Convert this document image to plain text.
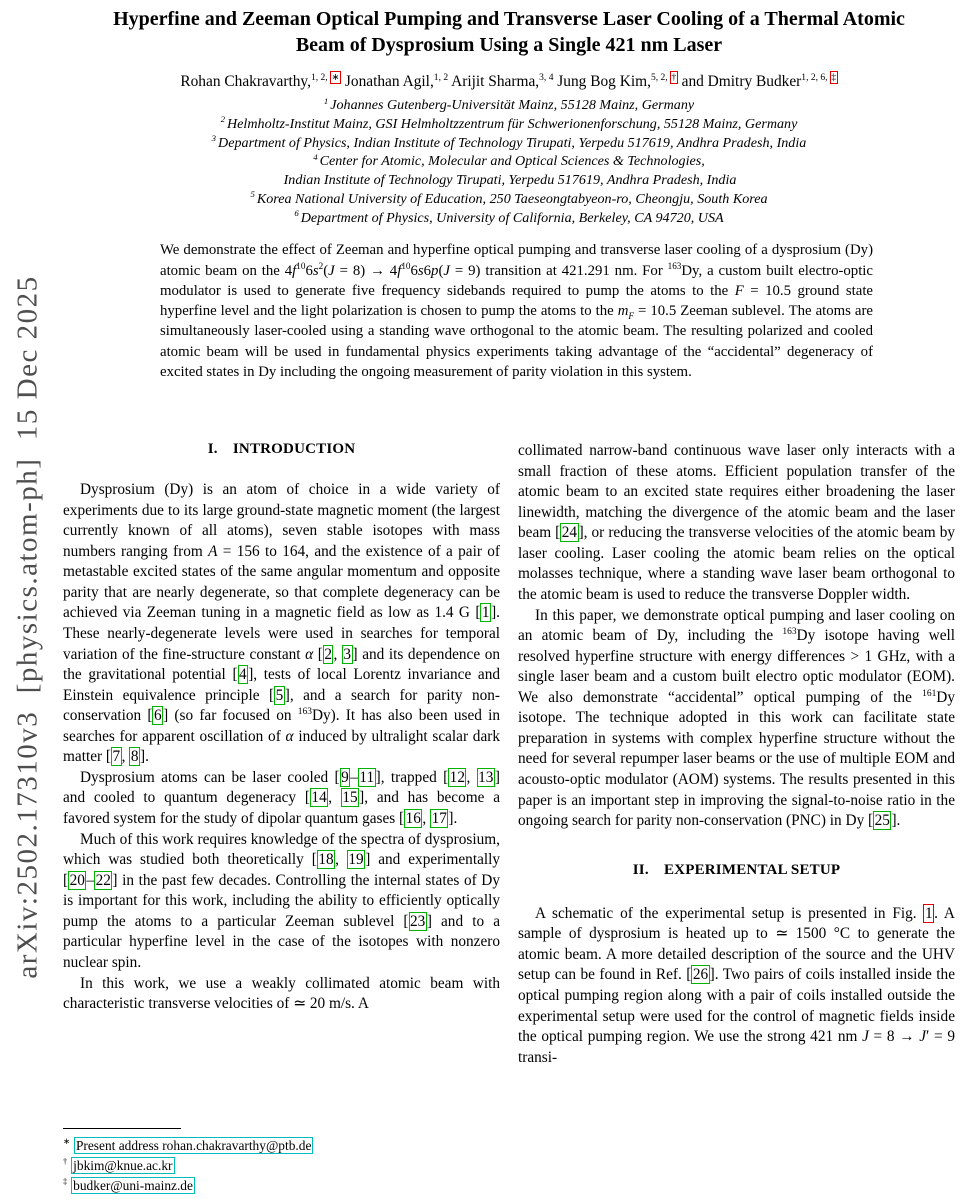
arXiv:2502.17310v3  [physics.atom-ph]  15 Dec 2025
Hyperfine and Zeeman Optical Pumping and Transverse Laser Cooling of a Thermal Atomic Beam of Dysprosium Using a Single 421 nm Laser
Rohan Chakravarthy,$^{1, 2, ∗}$ Jonathan Agil,$^{1, 2}$ Arijit Sharma,$^{3, 4}$ Jung Bog Kim,$^{5, 2, \dagger}$ and Dmitry Budker$^{1, 2, 6, \ddagger}$
$^1$ Johannes Gutenberg-Universität Mainz, 55128 Mainz, Germany
$^2$ Helmholtz-Institut Mainz, GSI Helmholtzzentrum für Schwerionenforschung, 55128 Mainz, Germany
$^3$ Department of Physics, Indian Institute of Technology Tirupati, Yerpedu 517619, Andhra Pradesh, India
$^4$ Center for Atomic, Molecular and Optical Sciences & Technologies,
Indian Institute of Technology Tirupati, Yerpedu 517619, Andhra Pradesh, India
$^5$ Korea National University of Education, 250 Taeseongtabyeon-ro, Cheongju, South Korea
$^6$ Department of Physics, University of California, Berkeley, CA 94720, USA
We demonstrate the effect of Zeeman and hyperfine optical pumping and transverse laser cooling of a dysprosium (Dy) atomic beam on the $4f^{10}6s^2(J = 8) \to 4f^{10}6s6p(J = 9)$ transition at 421.291 nm. For $^{163}$Dy, a custom built electro-optic modulator is used to generate five frequency sidebands required to pump the atoms to the F = 10.5 ground state hyperfine level and the light polarization is chosen to pump the atoms to the $m_F = 10.5$ Zeeman sublevel. The atoms are simultaneously laser-cooled using a standing wave orthogonal to the atomic beam. The resulting polarized and cooled atomic beam will be used in fundamental physics experiments taking advantage of the “accidental” degeneracy of excited states in Dy including the ongoing measurement of parity violation in this system.
I. INTRODUCTION

Dysprosium (Dy) is an atom of choice in a wide variety of experiments due to its large ground-state magnetic moment (the largest currently known of all atoms), seven stable isotopes with mass numbers ranging from A = 156 to 164, and the existence of a pair of metastable excited states of the same angular momentum and opposite parity that are nearly degenerate, so that complete degeneracy can be achieved via Zeeman tuning in a magnetic field as low as 1.4 G [1]. These nearly-degenerate levels were used in searches for temporal variation of the fine-structure constant α [2, 3] and its dependence on the gravitational potential [4], tests of local Lorentz invariance and Einstein equivalence principle [5], and a search for parity non-conservation [6] (so far focused on $^{163}$Dy). It has also been used in searches for apparent oscillation of α induced by ultralight scalar dark matter [7, 8].

Dysprosium atoms can be laser cooled [9–11], trapped [12, 13] and cooled to quantum degeneracy [14, 15], and has become a favored system for the study of dipolar quantum gases [16, 17].

Much of this work requires knowledge of the spectra of dysprosium, which was studied both theoretically [18, 19] and experimentally [20–22] in the past few decades. Controlling the internal states of Dy is important for this work, including the ability to efficiently optically pump the atoms to a particular Zeeman sublevel [23] and to a particular hyperfine level in the case of the isotopes with nonzero nuclear spin.

In this work, we use a weakly collimated atomic beam with characteristic transverse velocities of ≃ 20 m/s. A

∗ Present address rohan.chakravarthy@ptb.de
† jbkim@knue.ac.kr
‡ budker@uni-mainz.de

collimated narrow-band continuous wave laser only interacts with a small fraction of these atoms. Efficient population transfer of the atomic beam to an excited state requires either broadening the laser linewidth, matching the divergence of the atomic beam and the laser beam [24], or reducing the transverse velocities of the atomic beam by laser cooling. Laser cooling the atomic beam relies on the optical molasses technique, where a standing wave laser beam orthogonal to the atomic beam is used to reduce the transverse Doppler width.

In this paper, we demonstrate optical pumping and laser cooling on an atomic beam of Dy, including the $^{163}$Dy isotope having well resolved hyperfine structure with energy differences > 1 GHz, with a single laser beam and a custom built electro optic modulator (EOM). We also demonstrate “accidental” optical pumping of the $^{161}$Dy isotope. The technique adopted in this work can facilitate state preparation in systems with complex hyperfine structure without the need for several repumper laser beams or the use of multiple EOM and acousto-optic modulator (AOM) systems. The results presented in this paper is an important step in improving the signal-to-noise ratio in the ongoing search for parity non-conservation (PNC) in Dy [25].

II. EXPERIMENTAL SETUP

A schematic of the experimental setup is presented in Fig. 1. A sample of dysprosium is heated up to ≃ 1500 °C to generate the atomic beam. A more detailed description of the source and the UHV setup can be found in Ref. [26]. Two pairs of coils installed inside the optical pumping region along with a pair of coils installed outside the experimental setup were used for the control of magnetic fields inside the optical pumping region. We use the strong 421 nm J = 8 → J′ = 9 transi-
